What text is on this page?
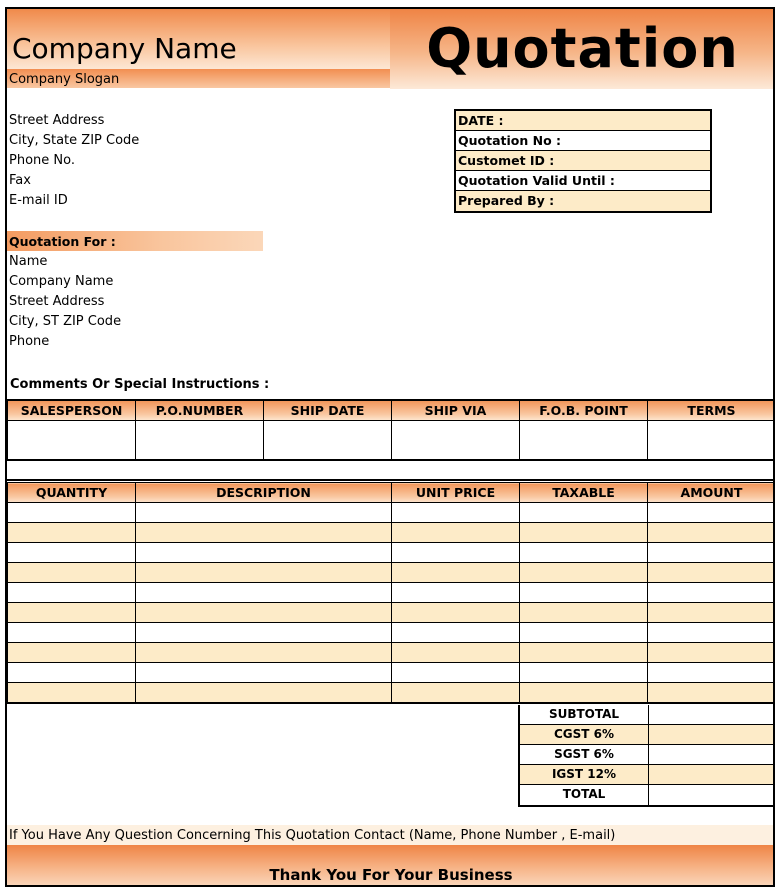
Company Name
Company Slogan	Quotation
Street Address
City, State ZIP Code
Phone No.
Fax
E-mail ID
DATE :
Quotation No :
Customet ID :
Quotation Valid Until :
Prepared By :
Quotation For :
Name
Company Name
Street Address
City, ST ZIP Code
Phone
Comments Or Special Instructions :
SALESPERSON	P.O.NUMBER	SHIP DATE	SHIP VIA	F.O.B. POINT	TERMS

QUANTITY	DESCRIPTION	UNIT PRICE	TAXABLE	AMOUNT

SUBTOTAL
CGST 6%
SGST 6%
IGST 12%
TOTAL
If You Have Any Question Concerning This Quotation Contact (Name, Phone Number , E-mail)
Thank You For Your Business
